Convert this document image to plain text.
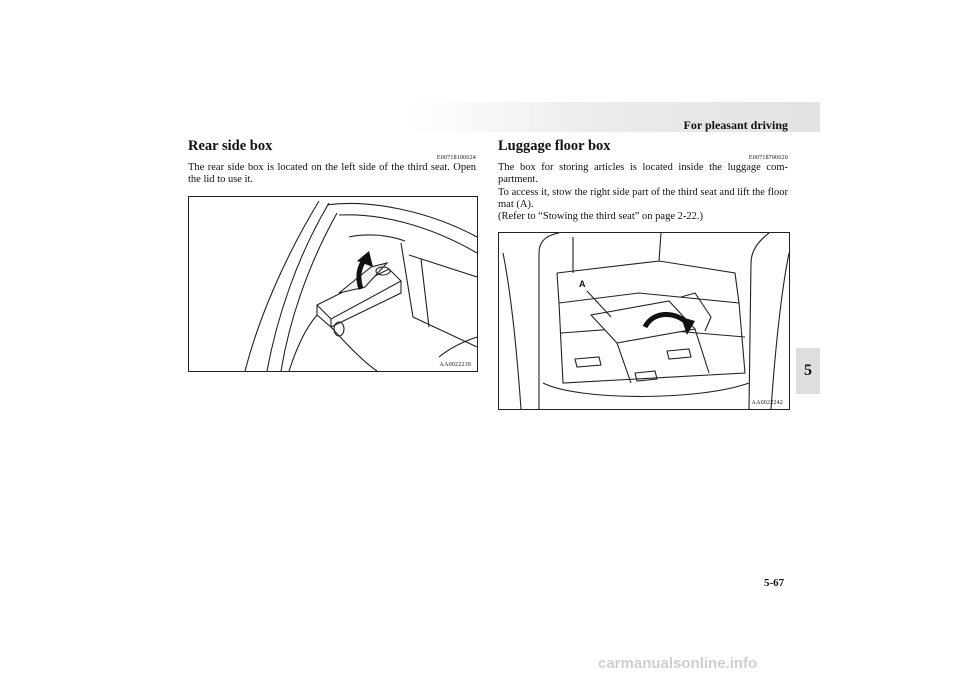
For pleasant driving
5
Rear side box
E00718100024

The rear side box is located on the left side of the third seat. Open the lid to use it.

AA0022239
Luggage floor box
E00718700020

The box for storing articles is located inside the luggage com-partment.

To access it, stow the right side part of the third seat and lift the floor mat (A).

(Refer to “Stowing the third seat” on page 2-22.)

A
AA0022242
5-67
carmanualsonline.info
